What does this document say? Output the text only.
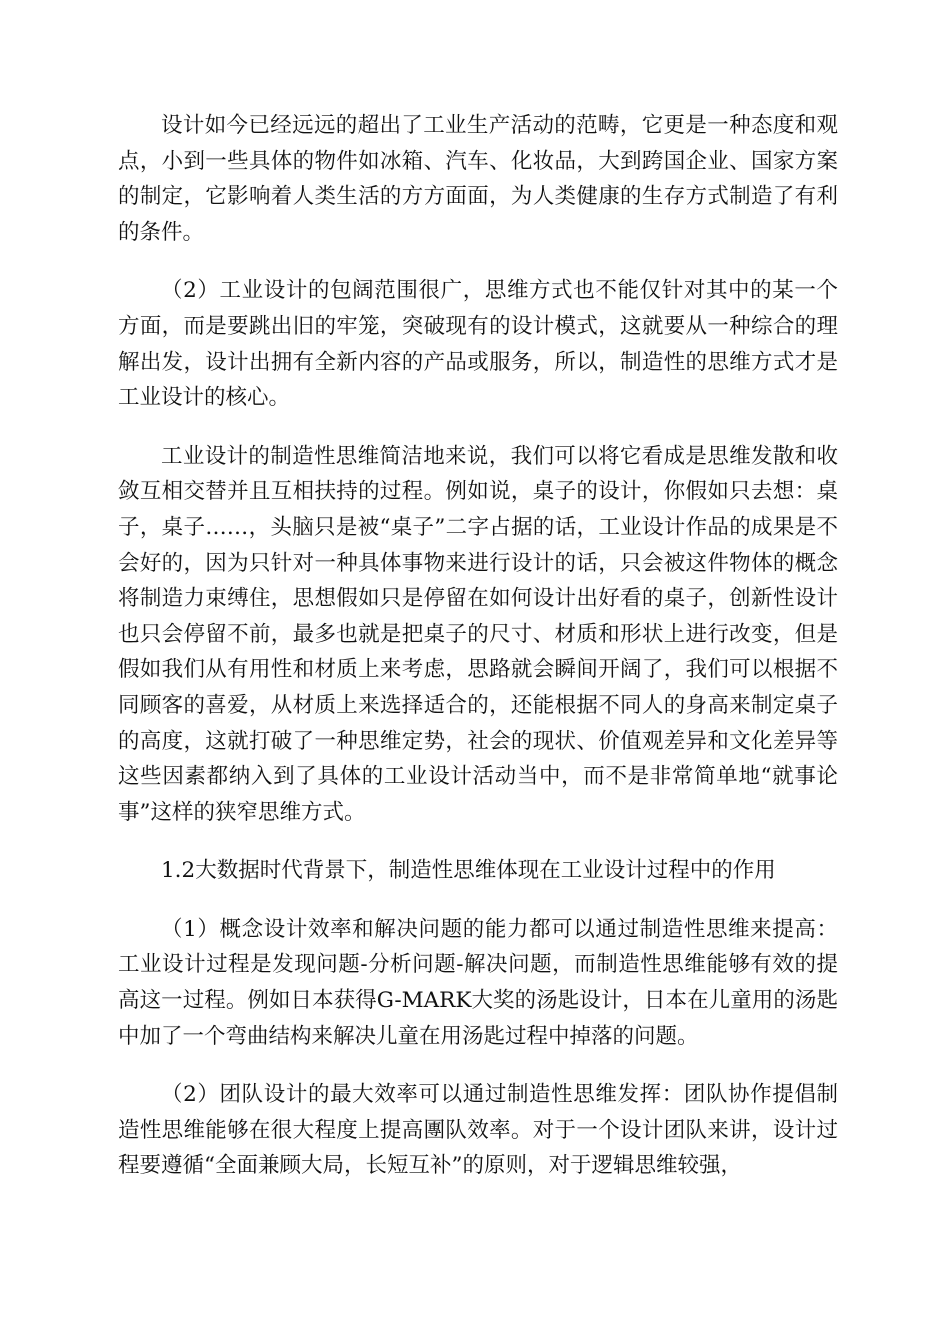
设计如今已经远远的超出了工业生产活动的范畴，它更是一种态度和观点，小到一些具体的物件如冰箱、汽车、化妆品，大到跨国企业、国家方案的制定，它影响着人类生活的方方面面，为人类健康的生存方式制造了有利的条件。

（2）工业设计的包阔范围很广，思维方式也不能仅针对其中的某一个方面，而是要跳出旧的牢笼，突破现有的设计模式，这就要从一种综合的理解出发，设计出拥有全新内容的产品或服务，所以，制造性的思维方式才是工业设计的核心。

工业设计的制造性思维简洁地来说，我们可以将它看成是思维发散和收敛互相交替并且互相扶持的过程。例如说，桌子的设计，你假如只去想：桌子，桌子……，头脑只是被“桌子”二字占据的话，工业设计作品的成果是不会好的，因为只针对一种具体事物来进行设计的话，只会被这件物体的概念将制造力束缚住，思想假如只是停留在如何设计出好看的桌子，创新性设计也只会停留不前，最多也就是把桌子的尺寸、材质和形状上进行改变，但是假如我们从有用性和材质上来考虑，思路就会瞬间开阔了，我们可以根据不同顾客的喜爱，从材质上来选择适合的，还能根据不同人的身高来制定桌子的高度，这就打破了一种思维定势，社会的现状、价值观差异和文化差异等这些因素都纳入到了具体的工业设计活动当中，而不是非常简单地“就事论事”这样的狭窄思维方式。

1.2大数据时代背景下，制造性思维体现在工业设计过程中的作用

（1）概念设计效率和解决问题的能力都可以通过制造性思维来提高：工业设计过程是发现问题-分析问题-解决问题，而制造性思维能够有效的提高这一过程。例如日本获得G-MARK大奖的汤匙设计，日本在儿童用的汤匙中加了一个弯曲结构来解决儿童在用汤匙过程中掉落的问题。

（2）团队设计的最大效率可以通过制造性思维发挥：团队协作提倡制造性思维能够在很大程度上提高團队效率。对于一个设计团队来讲，设计过程要遵循“全面兼顾大局，长短互补”的原则，对于逻辑思维较强，
